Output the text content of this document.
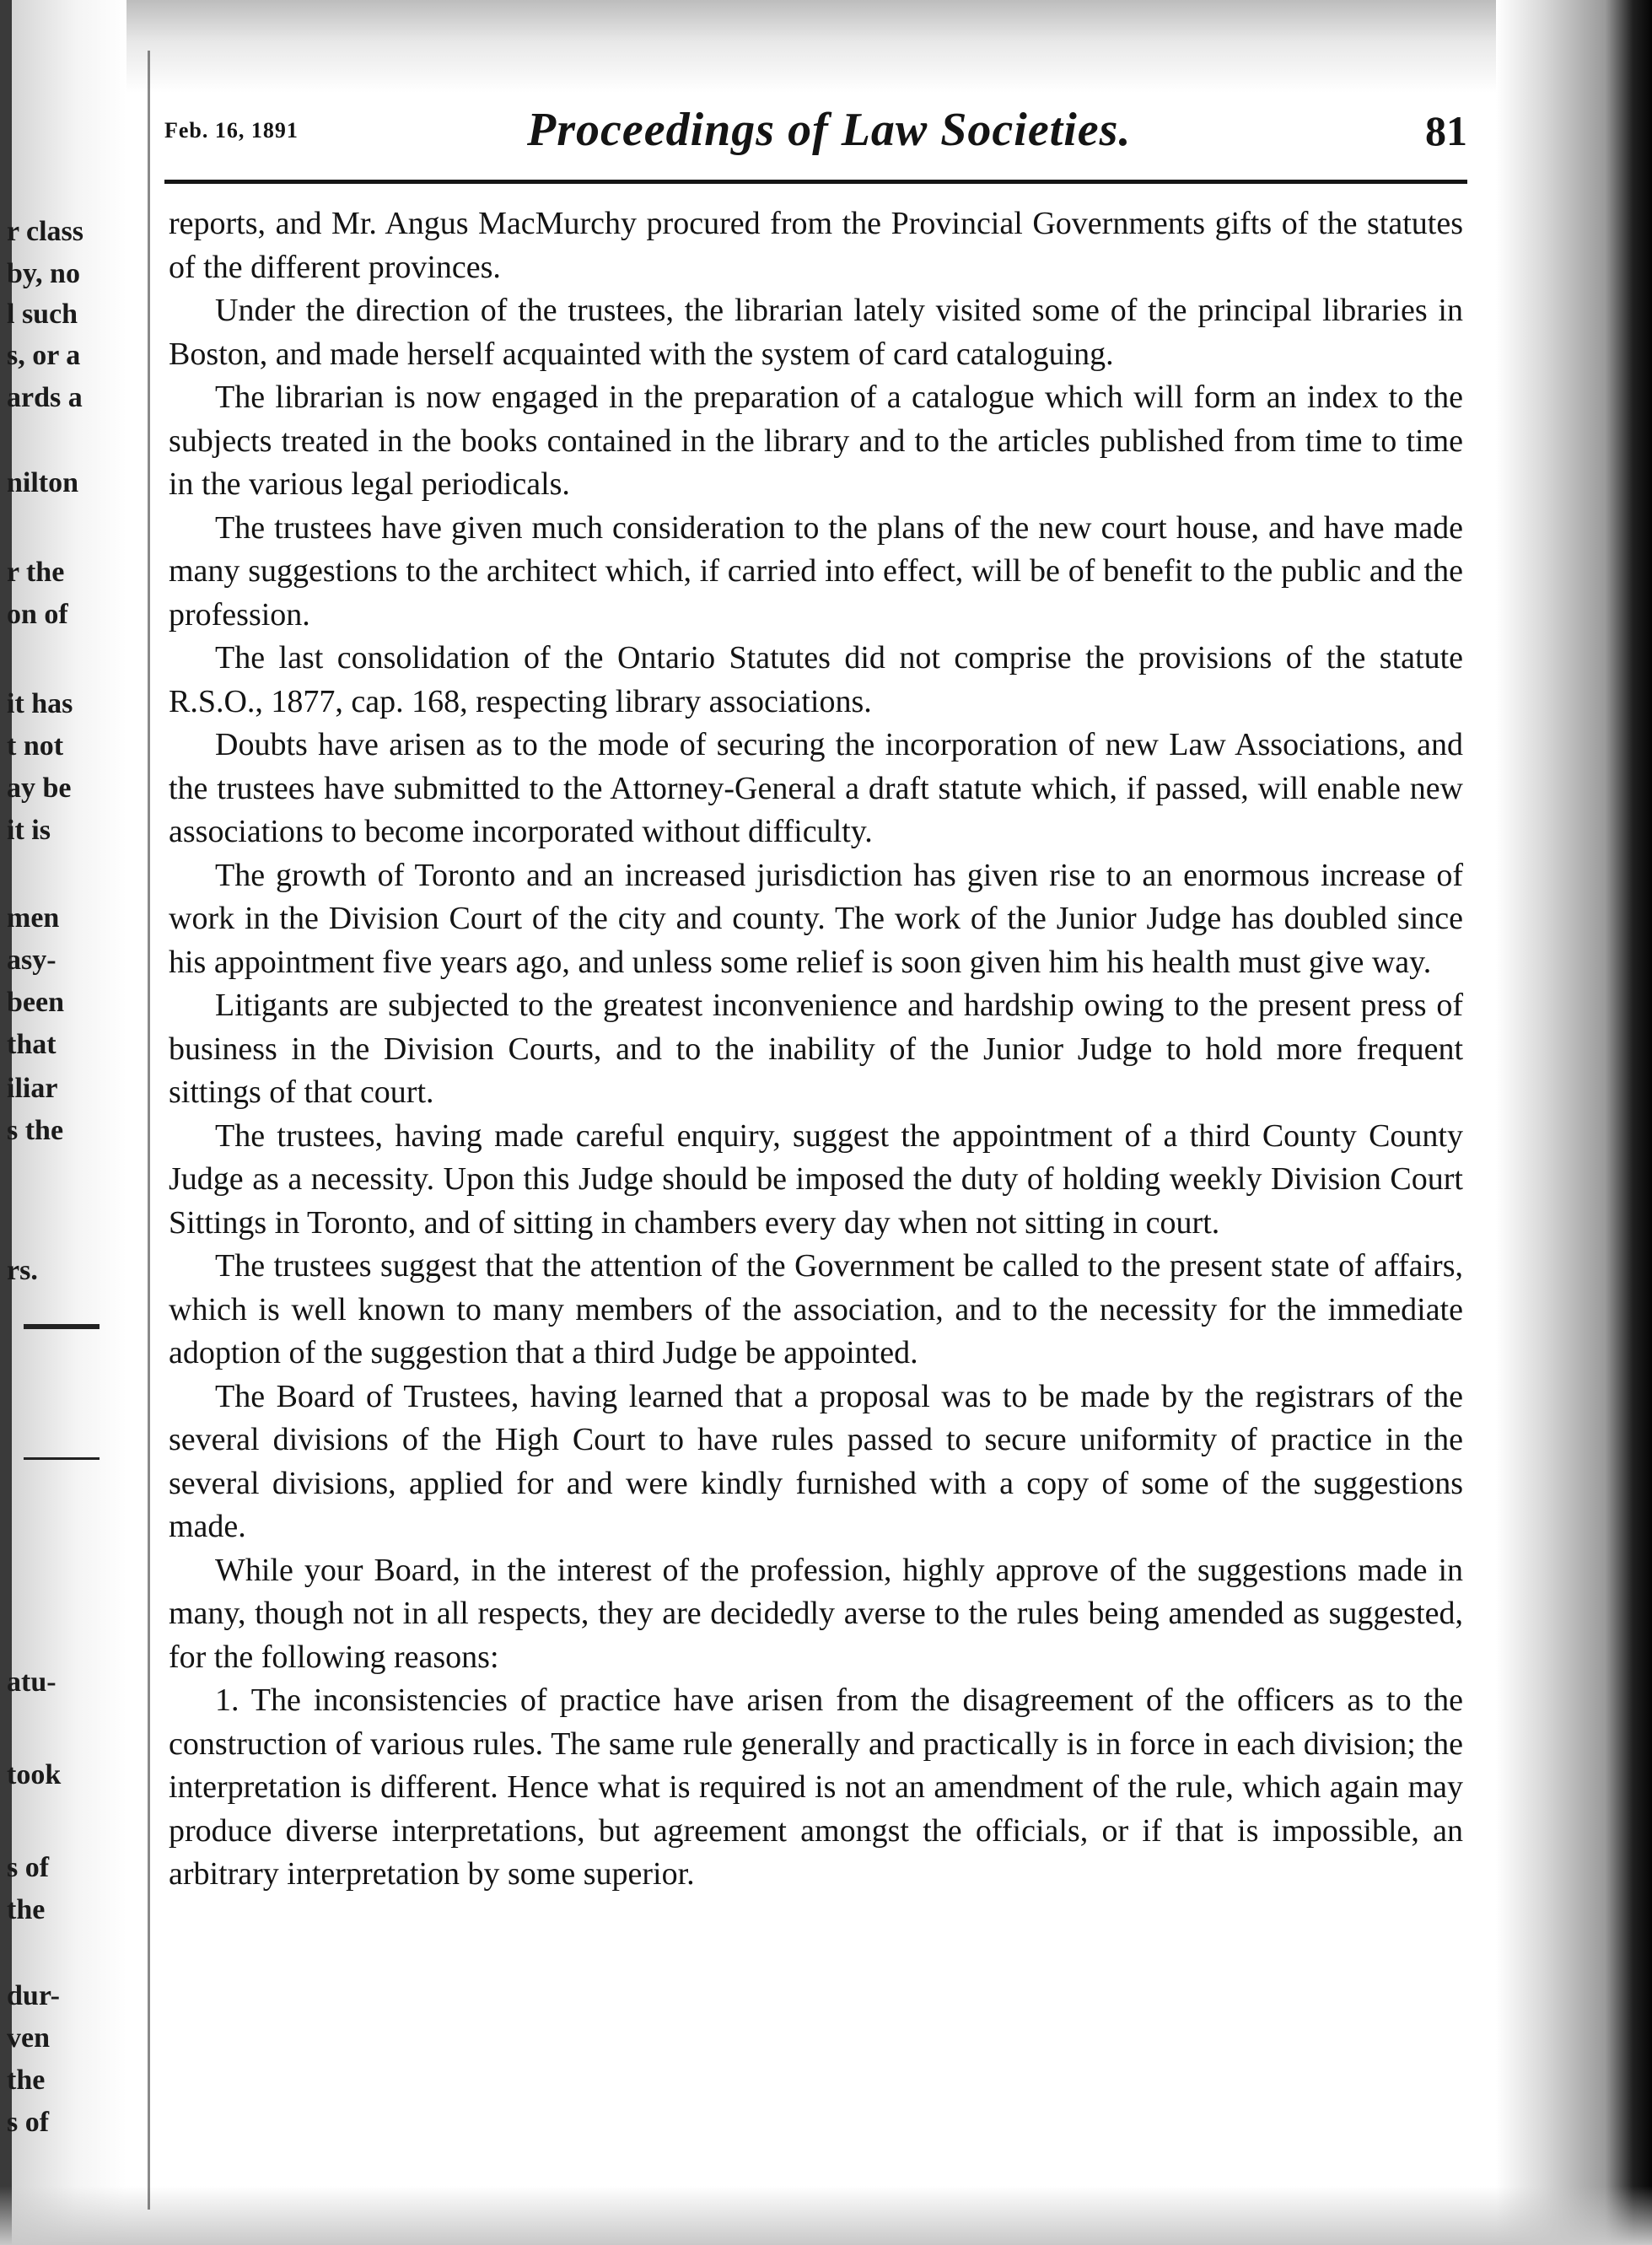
r class
by, no
l such
s, or a
ards a
nilton
r the
on of
it has
t not
ay be
it is
men
asy-
been
that
iliar
s the
rs.
atu-
took
s of
the
dur-
ven
the
s of
Feb. 16, 1891	Proceedings of Law Societies.	81

reports, and Mr. Angus MacMurchy procured from the Provincial Governments gifts of the statutes of the different provinces.

Under the direction of the trustees, the librarian lately visited some of the principal libraries in Boston, and made herself acquainted with the system of card cataloguing.

The librarian is now engaged in the preparation of a catalogue which will form an index to the subjects treated in the books contained in the library and to the articles published from time to time in the various legal periodicals.

The trustees have given much consideration to the plans of the new court house, and have made many suggestions to the architect which, if carried into effect, will be of benefit to the public and the profession.

The last consolidation of the Ontario Statutes did not comprise the provisions of the statute R.S.O., 1877, cap. 168, respecting library associations.

Doubts have arisen as to the mode of securing the incorporation of new Law Associations, and the trustees have submitted to the Attorney-General a draft statute which, if passed, will enable new associations to become incorporated without difficulty.

The growth of Toronto and an increased jurisdiction has given rise to an enormous increase of work in the Division Court of the city and county. The work of the Junior Judge has doubled since his appointment five years ago, and unless some relief is soon given him his health must give way.

Litigants are subjected to the greatest inconvenience and hardship owing to the present press of business in the Division Courts, and to the inability of the Junior Judge to hold more frequent sittings of that court.

The trustees, having made careful enquiry, suggest the appointment of a third County County Judge as a necessity. Upon this Judge should be imposed the duty of holding weekly Division Court Sittings in Toronto, and of sitting in chambers every day when not sitting in court.

The trustees suggest that the attention of the Government be called to the present state of affairs, which is well known to many members of the association, and to the necessity for the immediate adoption of the suggestion that a third Judge be appointed.

The Board of Trustees, having learned that a proposal was to be made by the registrars of the several divisions of the High Court to have rules passed to secure uniformity of practice in the several divisions, applied for and were kindly furnished with a copy of some of the suggestions made.

While your Board, in the interest of the profession, highly approve of the suggestions made in many, though not in all respects, they are decidedly averse to the rules being amended as suggested, for the following reasons:

1. The inconsistencies of practice have arisen from the disagreement of the officers as to the construction of various rules. The same rule generally and practically is in force in each division; the interpretation is different. Hence what is required is not an amendment of the rule, which again may produce diverse interpretations, but agreement amongst the officials, or if that is impossible, an arbitrary interpretation by some superior.
